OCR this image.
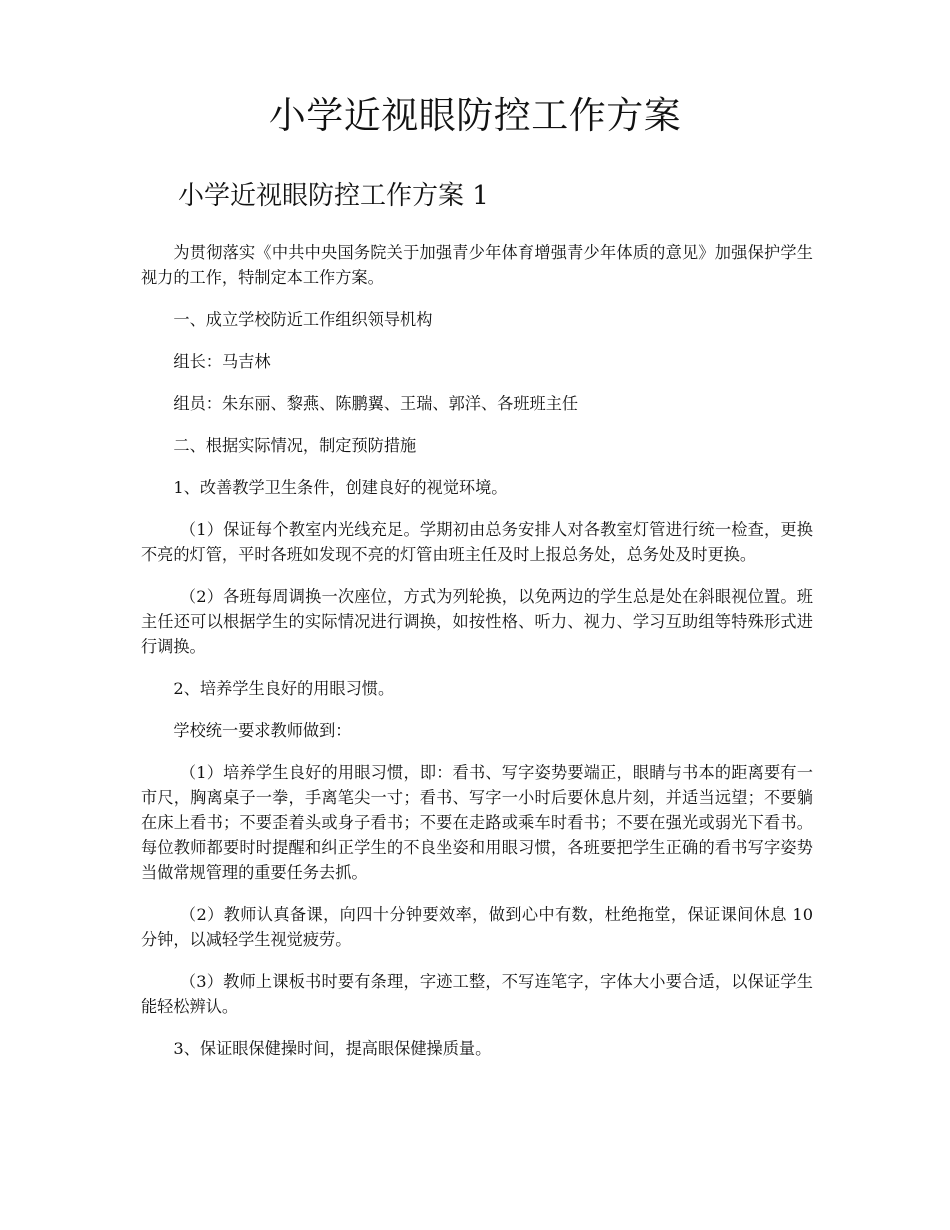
小学近视眼防控工作方案
小学近视眼防控工作方案 1

为贯彻落实《中共中央国务院关于加强青少年体育增强青少年体质的意见》加强保护学生视力的工作，特制定本工作方案。

一、成立学校防近工作组织领导机构

组长：马吉林

组员：朱东丽、黎燕、陈鹏翼、王瑞、郭洋、各班班主任

二、根据实际情况，制定预防措施

1、改善教学卫生条件，创建良好的视觉环境。

（1）保证每个教室内光线充足。学期初由总务安排人对各教室灯管进行统一检查，更换不亮的灯管，平时各班如发现不亮的灯管由班主任及时上报总务处，总务处及时更换。

（2）各班每周调换一次座位，方式为列轮换，以免两边的学生总是处在斜眼视位置。班主任还可以根据学生的实际情况进行调换，如按性格、听力、视力、学习互助组等特殊形式进行调换。

2、培养学生良好的用眼习惯。

学校统一要求教师做到：

（1）培养学生良好的用眼习惯，即：看书、写字姿势要端正，眼睛与书本的距离要有一市尺，胸离桌子一拳，手离笔尖一寸；看书、写字一小时后要休息片刻，并适当远望；不要躺在床上看书；不要歪着头或身子看书；不要在走路或乘车时看书；不要在强光或弱光下看书。每位教师都要时时提醒和纠正学生的不良坐姿和用眼习惯，各班要把学生正确的看书写字姿势当做常规管理的重要任务去抓。

（2）教师认真备课，向四十分钟要效率，做到心中有数，杜绝拖堂，保证课间休息 10 分钟，以减轻学生视觉疲劳。

（3）教师上课板书时要有条理，字迹工整，不写连笔字，字体大小要合适，以保证学生能轻松辨认。

3、保证眼保健操时间，提高眼保健操质量。
